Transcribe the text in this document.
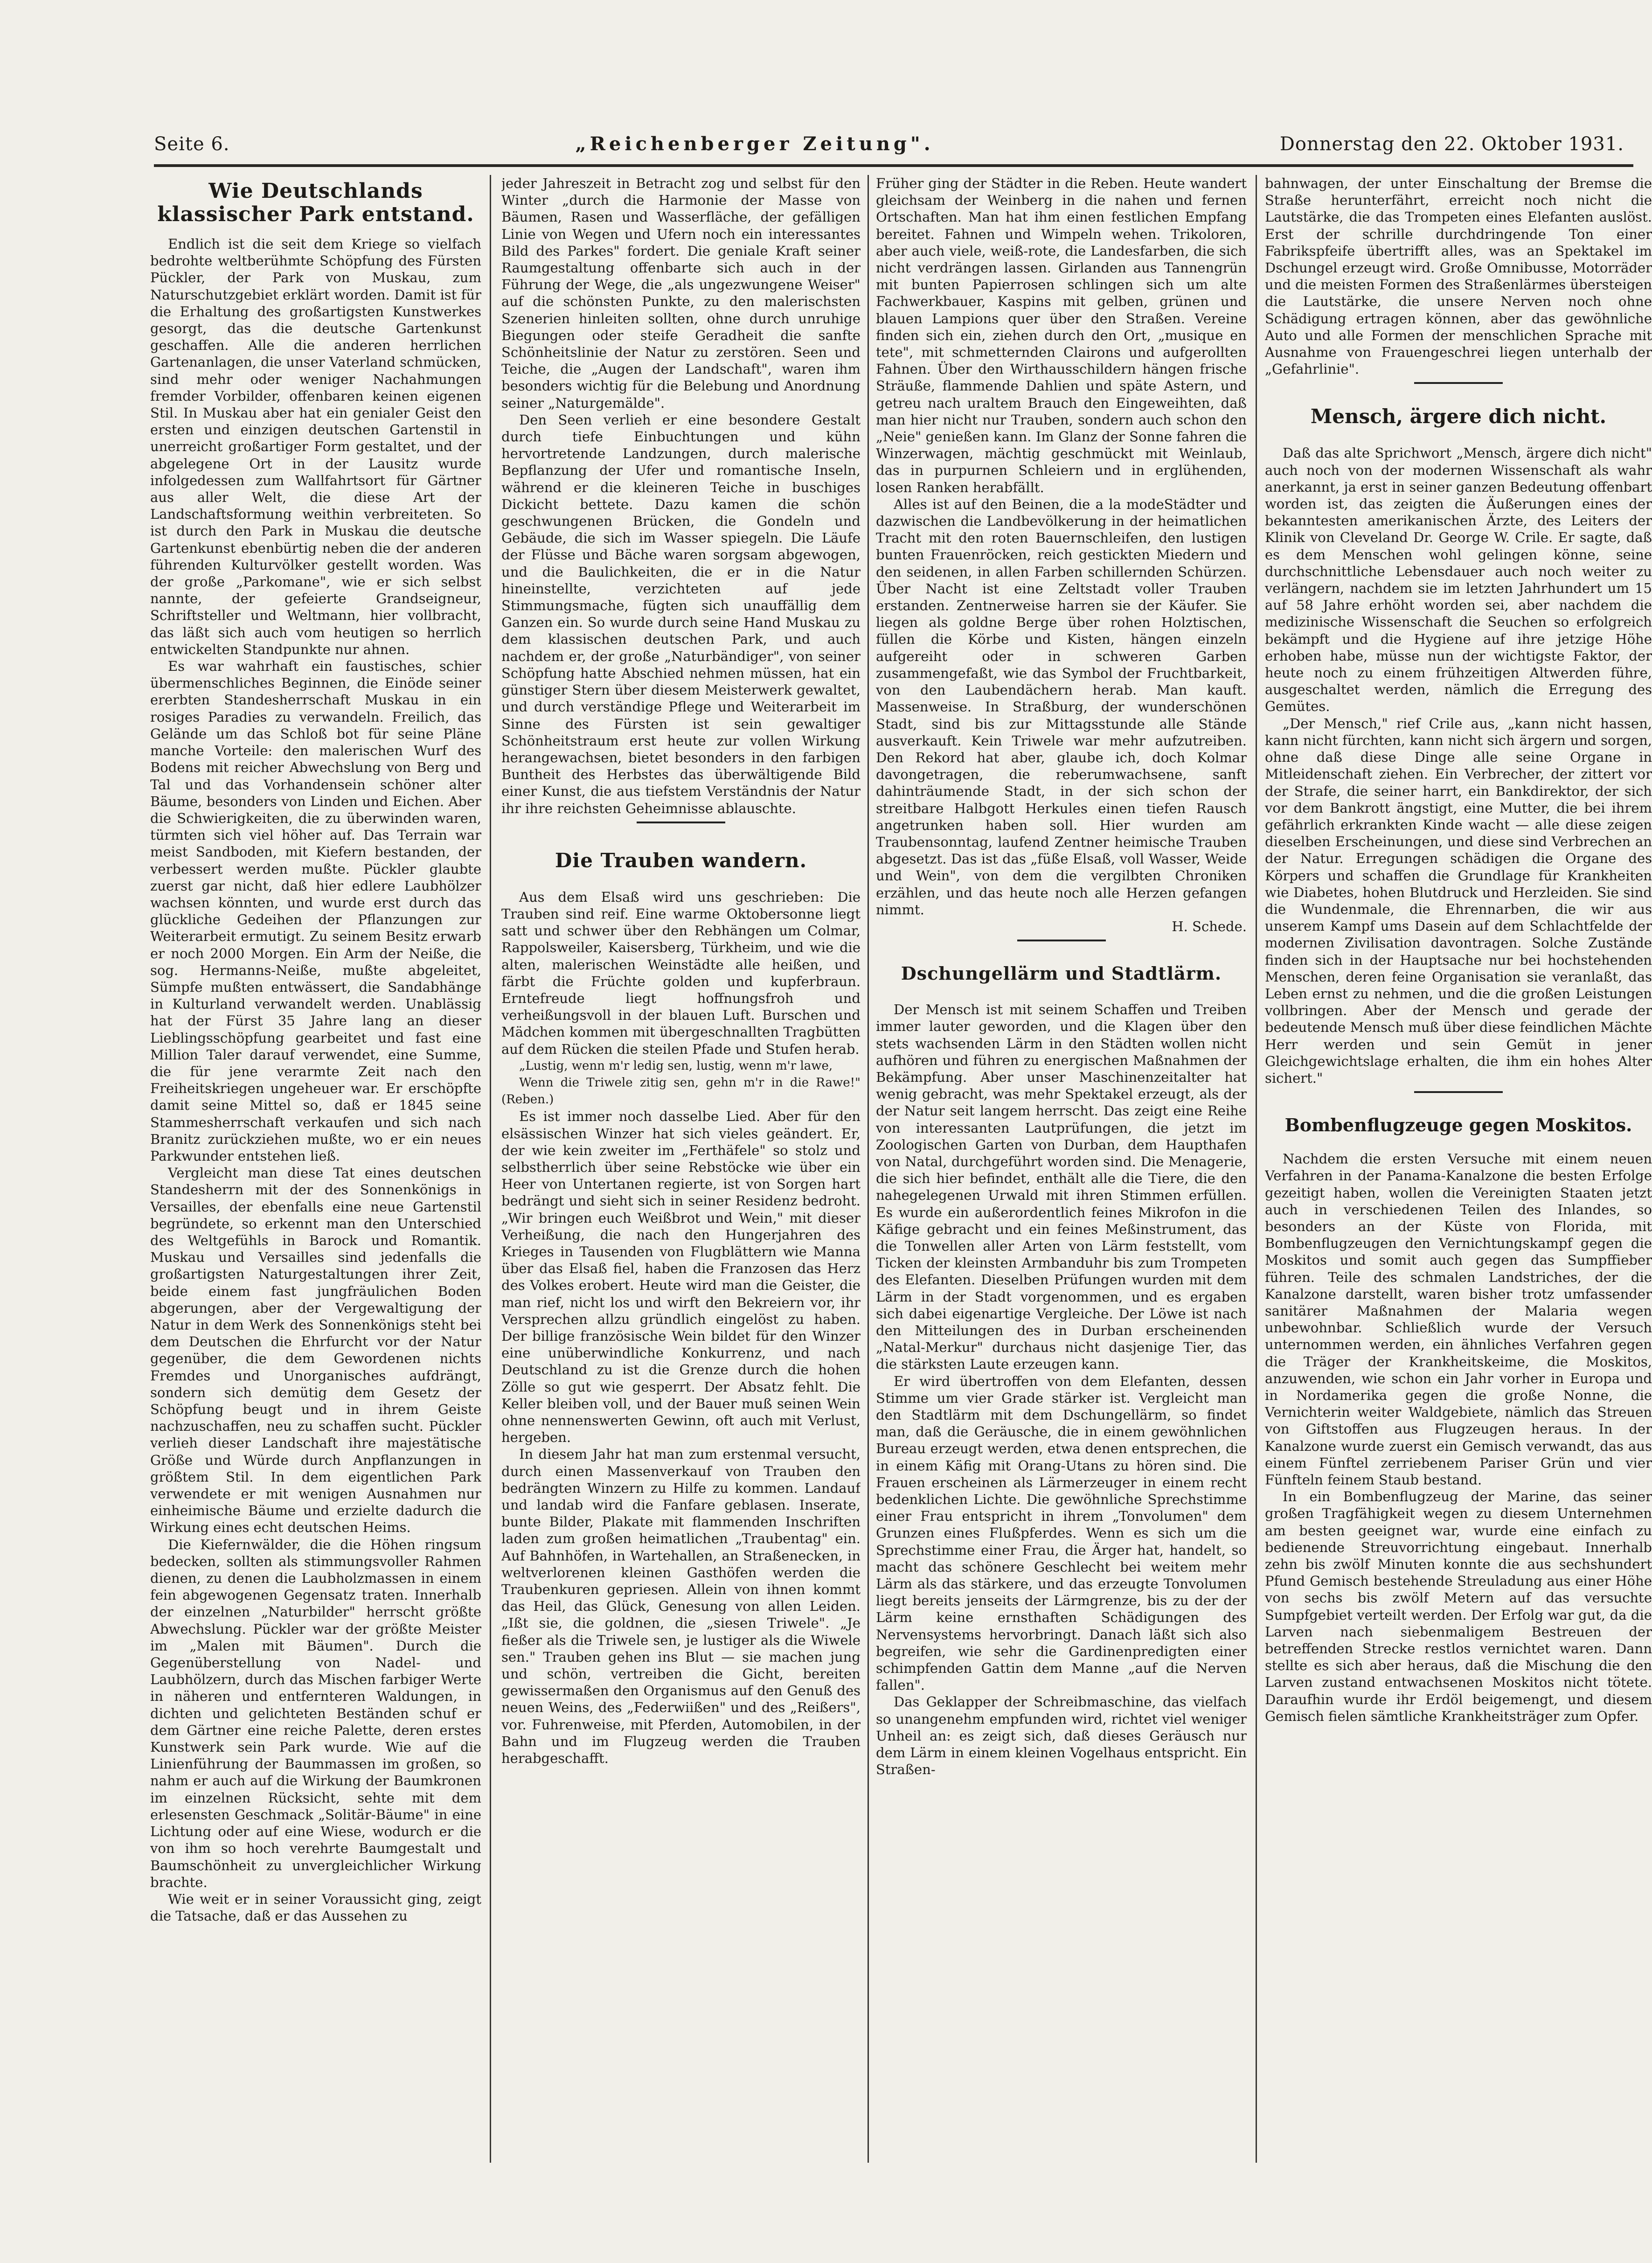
Seite 6.	„Reichenberger Zeitung".	Donnerstag den 22. Oktober 1931.
Wie Deutschlands klassischer Park entstand.

Endlich ist die seit dem Kriege so vielfach bedrohte weltberühmte Schöpfung des Fürsten Pückler, der Park von Muskau, zum Naturschutzgebiet erklärt worden. Damit ist für die Erhaltung des großartigsten Kunstwerkes gesorgt, das die deutsche Gartenkunst geschaffen. Alle die anderen herrlichen Gartenanlagen, die unser Vaterland schmücken, sind mehr oder weniger Nachahmungen fremder Vorbilder, offenbaren keinen eigenen Stil. In Muskau aber hat ein genialer Geist den ersten und einzigen deutschen Gartenstil in unerreicht großartiger Form gestaltet, und der abgelegene Ort in der Lausitz wurde infolgedessen zum Wallfahrtsort für Gärtner aus aller Welt, die diese Art der Landschaftsformung weithin verbreiteten. So ist durch den Park in Muskau die deutsche Gartenkunst ebenbürtig neben die der anderen führenden Kulturvölker gestellt worden. Was der große „Parkomane", wie er sich selbst nannte, der gefeierte Grandseigneur, Schriftsteller und Weltmann, hier vollbracht, das läßt sich auch vom heutigen so herrlich entwickelten Standpunkte nur ahnen.

Es war wahrhaft ein faustisches, schier übermenschliches Beginnen, die Einöde seiner ererbten Standesherrschaft Muskau in ein rosiges Paradies zu verwandeln. Freilich, das Gelände um das Schloß bot für seine Pläne manche Vorteile: den malerischen Wurf des Bodens mit reicher Abwechslung von Berg und Tal und das Vorhandensein schöner alter Bäume, besonders von Linden und Eichen. Aber die Schwierigkeiten, die zu überwinden waren, türmten sich viel höher auf. Das Terrain war meist Sandboden, mit Kiefern bestanden, der verbessert werden mußte. Pückler glaubte zuerst gar nicht, daß hier edlere Laubhölzer wachsen könnten, und wurde erst durch das glückliche Gedeihen der Pflanzungen zur Weiterarbeit ermutigt. Zu seinem Besitz erwarb er noch 2000 Morgen. Ein Arm der Neiße, die sog. Hermanns-Neiße, mußte abgeleitet, Sümpfe mußten entwässert, die Sandabhänge in Kulturland verwandelt werden. Unablässig hat der Fürst 35 Jahre lang an dieser Lieblingsschöpfung gearbeitet und fast eine Million Taler darauf verwendet, eine Summe, die für jene verarmte Zeit nach den Freiheitskriegen ungeheuer war. Er erschöpfte damit seine Mittel so, daß er 1845 seine Stammesherrschaft verkaufen und sich nach Branitz zurückziehen mußte, wo er ein neues Parkwunder entstehen ließ.

Vergleicht man diese Tat eines deutschen Standesherrn mit der des Sonnenkönigs in Versailles, der ebenfalls eine neue Gartenstil begründete, so erkennt man den Unterschied des Weltgefühls in Barock und Romantik. Muskau und Versailles sind jedenfalls die großartigsten Naturgestaltungen ihrer Zeit, beide einem fast jungfräulichen Boden abgerungen, aber der Vergewaltigung der Natur in dem Werk des Sonnenkönigs steht bei dem Deutschen die Ehrfurcht vor der Natur gegenüber, die dem Gewordenen nichts Fremdes und Unorganisches aufdrängt, sondern sich demütig dem Gesetz der Schöpfung beugt und in ihrem Geiste nachzuschaffen, neu zu schaffen sucht. Pückler verlieh dieser Landschaft ihre majestätische Größe und Würde durch Anpflanzungen in größtem Stil. In dem eigentlichen Park verwendete er mit wenigen Ausnahmen nur einheimische Bäume und erzielte dadurch die Wirkung eines echt deutschen Heims.

Die Kiefernwälder, die die Höhen ringsum bedecken, sollten als stimmungsvoller Rahmen dienen, zu denen die Laubholzmassen in einem fein abgewogenen Gegensatz traten. Innerhalb der einzelnen „Naturbilder" herrscht größte Abwechslung. Pückler war der größte Meister im „Malen mit Bäumen". Durch die Gegenüberstellung von Nadel- und Laubhölzern, durch das Mischen farbiger Werte in näheren und entfernteren Waldungen, in dichten und gelichteten Beständen schuf er dem Gärtner eine reiche Palette, deren erstes Kunstwerk sein Park wurde. Wie auf die Linienführung der Baummassen im großen, so nahm er auch auf die Wirkung der Baumkronen im einzelnen Rücksicht, sehte mit dem erlesensten Geschmack „Solitär-Bäume" in eine Lichtung oder auf eine Wiese, wodurch er die von ihm so hoch verehrte Baumgestalt und Baumschönheit zu unvergleichlicher Wirkung brachte.

Wie weit er in seiner Voraussicht ging, zeigt die Tatsache, daß er das Aussehen zu

jeder Jahreszeit in Betracht zog und selbst für den Winter „durch die Harmonie der Masse von Bäumen, Rasen und Wasserfläche, der gefälligen Linie von Wegen und Ufern noch ein interessantes Bild des Parkes" fordert. Die geniale Kraft seiner Raumgestaltung offenbarte sich auch in der Führung der Wege, die „als ungezwungene Weiser" auf die schönsten Punkte, zu den malerischsten Szenerien hinleiten sollten, ohne durch unruhige Biegungen oder steife Geradheit die sanfte Schönheitslinie der Natur zu zerstören. Seen und Teiche, die „Augen der Landschaft", waren ihm besonders wichtig für die Belebung und Anordnung seiner „Naturgemälde".

Den Seen verlieh er eine besondere Gestalt durch tiefe Einbuchtungen und kühn hervortretende Landzungen, durch malerische Bepflanzung der Ufer und romantische Inseln, während er die kleineren Teiche in buschiges Dickicht bettete. Dazu kamen die schön geschwungenen Brücken, die Gondeln und Gebäude, die sich im Wasser spiegeln. Die Läufe der Flüsse und Bäche waren sorgsam abgewogen, und die Baulichkeiten, die er in die Natur hineinstellte, verzichteten auf jede Stimmungsmache, fügten sich unauffällig dem Ganzen ein. So wurde durch seine Hand Muskau zu dem klassischen deutschen Park, und auch nachdem er, der große „Naturbändiger", von seiner Schöpfung hatte Abschied nehmen müssen, hat ein günstiger Stern über diesem Meisterwerk gewaltet, und durch verständige Pflege und Weiterarbeit im Sinne des Fürsten ist sein gewaltiger Schönheitstraum erst heute zur vollen Wirkung herangewachsen, bietet besonders in den farbigen Buntheit des Herbstes das überwältigende Bild einer Kunst, die aus tiefstem Verständnis der Natur ihr ihre reichsten Geheimnisse ablauschte.

Die Trauben wandern.

Aus dem Elsaß wird uns geschrieben: Die Trauben sind reif. Eine warme Oktobersonne liegt satt und schwer über den Rebhängen um Colmar, Rappolsweiler, Kaisersberg, Türkheim, und wie die alten, malerischen Weinstädte alle heißen, und färbt die Früchte golden und kupferbraun. Erntefreude liegt hoffnungsfroh und verheißungsvoll in der blauen Luft. Burschen und Mädchen kommen mit übergeschnallten Tragbütten auf dem Rücken die steilen Pfade und Stufen herab.

„Lustig, wenn m'r ledig sen, lustig, wenn m'r lawe,

Wenn die Triwele zitig sen, gehn m'r in die Rawe!" (Reben.)

Es ist immer noch dasselbe Lied. Aber für den elsässischen Winzer hat sich vieles geändert. Er, der wie kein zweiter im „Ferthäfele" so stolz und selbstherrlich über seine Rebstöcke wie über ein Heer von Untertanen regierte, ist von Sorgen hart bedrängt und sieht sich in seiner Residenz bedroht. „Wir bringen euch Weißbrot und Wein," mit dieser Verheißung, die nach den Hungerjahren des Krieges in Tausenden von Flugblättern wie Manna über das Elsaß fiel, haben die Franzosen das Herz des Volkes erobert. Heute wird man die Geister, die man rief, nicht los und wirft den Bekreiern vor, ihr Versprechen allzu gründlich eingelöst zu haben. Der billige französische Wein bildet für den Winzer eine unüberwindliche Konkurrenz, und nach Deutschland zu ist die Grenze durch die hohen Zölle so gut wie gesperrt. Der Absatz fehlt. Die Keller bleiben voll, und der Bauer muß seinen Wein ohne nennenswerten Gewinn, oft auch mit Verlust, hergeben.

In diesem Jahr hat man zum erstenmal versucht, durch einen Massenverkauf von Trauben den bedrängten Winzern zu Hilfe zu kommen. Landauf und landab wird die Fanfare geblasen. Inserate, bunte Bilder, Plakate mit flammenden Inschriften laden zum großen heimatlichen „Traubentag" ein. Auf Bahnhöfen, in Wartehallen, an Straßenecken, in weltverlorenen kleinen Gasthöfen werden die Traubenkuren gepriesen. Allein von ihnen kommt das Heil, das Glück, Genesung von allen Leiden. „Ißt sie, die goldnen, die „siesen Triwele". „Je fießer als die Triwele sen, je lustiger als die Wiwele sen." Trauben gehen ins Blut — sie machen jung und schön, vertreiben die Gicht, bereiten gewissermaßen den Organismus auf den Genuß des neuen Weins, des „Federwiißen" und des „Reißers", vor. Fuhrenweise, mit Pferden, Automobilen, in der Bahn und im Flugzeug werden die Trauben herabgeschafft.

Früher ging der Städter in die Reben. Heute wandert gleichsam der Weinberg in die nahen und fernen Ortschaften. Man hat ihm einen festlichen Empfang bereitet. Fahnen und Wimpeln wehen. Trikoloren, aber auch viele, weiß-rote, die Landesfarben, die sich nicht verdrängen lassen. Girlanden aus Tannengrün mit bunten Papierrosen schlingen sich um alte Fachwerkbauer, Kaspins mit gelben, grünen und blauen Lampions quer über den Straßen. Vereine finden sich ein, ziehen durch den Ort, „musique en tete", mit schmetternden Clairons und aufgerollten Fahnen. Über den Wirthausschildern hängen frische Sträuße, flammende Dahlien und späte Astern, und getreu nach uraltem Brauch den Eingeweihten, daß man hier nicht nur Trauben, sondern auch schon den „Neie" genießen kann. Im Glanz der Sonne fahren die Winzerwagen, mächtig geschmückt mit Weinlaub, das in purpurnen Schleiern und in erglühenden, losen Ranken herabfällt.

Alles ist auf den Beinen, die a la modeStädter und dazwischen die Landbevölkerung in der heimatlichen Tracht mit den roten Bauernschleifen, den lustigen bunten Frauenröcken, reich gestickten Miedern und den seidenen, in allen Farben schillernden Schürzen. Über Nacht ist eine Zeltstadt voller Trauben erstanden. Zentnerweise harren sie der Käufer. Sie liegen als goldne Berge über rohen Holztischen, füllen die Körbe und Kisten, hängen einzeln aufgereiht oder in schweren Garben zusammengefaßt, wie das Symbol der Fruchtbarkeit, von den Laubendächern herab. Man kauft. Massenweise. In Straßburg, der wunderschönen Stadt, sind bis zur Mittagsstunde alle Stände ausverkauft. Kein Triwele war mehr aufzutreiben. Den Rekord hat aber, glaube ich, doch Kolmar davongetragen, die reberumwachsene, sanft dahinträumende Stadt, in der sich schon der streitbare Halbgott Herkules einen tiefen Rausch angetrunken haben soll. Hier wurden am Traubensonntag, laufend Zentner heimische Trauben abgesetzt. Das ist das „füße Elsaß, voll Wasser, Weide und Wein", von dem die vergilbten Chroniken erzählen, und das heute noch alle Herzen gefangen nimmt.

H. Schede.

Dschungellärm und Stadtlärm.

Der Mensch ist mit seinem Schaffen und Treiben immer lauter geworden, und die Klagen über den stets wachsenden Lärm in den Städten wollen nicht aufhören und führen zu energischen Maßnahmen der Bekämpfung. Aber unser Maschinenzeitalter hat wenig gebracht, was mehr Spektakel erzeugt, als der der Natur seit langem herrscht. Das zeigt eine Reihe von interessanten Lautprüfungen, die jetzt im Zoologischen Garten von Durban, dem Haupthafen von Natal, durchgeführt worden sind. Die Menagerie, die sich hier befindet, enthält alle die Tiere, die den nahegelegenen Urwald mit ihren Stimmen erfüllen. Es wurde ein außerordentlich feines Mikrofon in die Käfige gebracht und ein feines Meßinstrument, das die Tonwellen aller Arten von Lärm feststellt, vom Ticken der kleinsten Armbanduhr bis zum Trompeten des Elefanten. Dieselben Prüfungen wurden mit dem Lärm in der Stadt vorgenommen, und es ergaben sich dabei eigenartige Vergleiche. Der Löwe ist nach den Mitteilungen des in Durban erscheinenden „Natal-Merkur" durchaus nicht dasjenige Tier, das die stärksten Laute erzeugen kann.

Er wird übertroffen von dem Elefanten, dessen Stimme um vier Grade stärker ist. Vergleicht man den Stadtlärm mit dem Dschungellärm, so findet man, daß die Geräusche, die in einem gewöhnlichen Bureau erzeugt werden, etwa denen entsprechen, die in einem Käfig mit Orang-Utans zu hören sind. Die Frauen erscheinen als Lärmerzeuger in einem recht bedenklichen Lichte. Die gewöhnliche Sprechstimme einer Frau entspricht in ihrem „Tonvolumen" dem Grunzen eines Flußpferdes. Wenn es sich um die Sprechstimme einer Frau, die Ärger hat, handelt, so macht das schönere Geschlecht bei weitem mehr Lärm als das stärkere, und das erzeugte Tonvolumen liegt bereits jenseits der Lärmgrenze, bis zu der der Lärm keine ernsthaften Schädigungen des Nervensystems hervorbringt. Danach läßt sich also begreifen, wie sehr die Gardinenpredigten einer schimpfenden Gattin dem Manne „auf die Nerven fallen".

Das Geklapper der Schreibmaschine, das vielfach so unangenehm empfunden wird, richtet viel weniger Unheil an: es zeigt sich, daß dieses Geräusch nur dem Lärm in einem kleinen Vogelhaus entspricht. Ein Straßen-

bahnwagen, der unter Einschaltung der Bremse die Straße herunterfährt, erreicht noch nicht die Lautstärke, die das Trompeten eines Elefanten auslöst. Erst der schrille durchdringende Ton einer Fabrikspfeife übertrifft alles, was an Spektakel im Dschungel erzeugt wird. Große Omnibusse, Motorräder und die meisten Formen des Straßenlärmes übersteigen die Lautstärke, die unsere Nerven noch ohne Schädigung ertragen können, aber das gewöhnliche Auto und alle Formen der menschlichen Sprache mit Ausnahme von Frauengeschrei liegen unterhalb der „Gefahrlinie".

Mensch, ärgere dich nicht.

Daß das alte Sprichwort „Mensch, ärgere dich nicht" auch noch von der modernen Wissenschaft als wahr anerkannt, ja erst in seiner ganzen Bedeutung offenbart worden ist, das zeigten die Äußerungen eines der bekanntesten amerikanischen Ärzte, des Leiters der Klinik von Cleveland Dr. George W. Crile. Er sagte, daß es dem Menschen wohl gelingen könne, seine durchschnittliche Lebensdauer auch noch weiter zu verlängern, nachdem sie im letzten Jahrhundert um 15 auf 58 Jahre erhöht worden sei, aber nachdem die medizinische Wissenschaft die Seuchen so erfolgreich bekämpft und die Hygiene auf ihre jetzige Höhe erhoben habe, müsse nun der wichtigste Faktor, der heute noch zu einem frühzeitigen Altwerden führe, ausgeschaltet werden, nämlich die Erregung des Gemütes.

„Der Mensch," rief Crile aus, „kann nicht hassen, kann nicht fürchten, kann nicht sich ärgern und sorgen, ohne daß diese Dinge alle seine Organe in Mitleidenschaft ziehen. Ein Verbrecher, der zittert vor der Strafe, die seiner harrt, ein Bankdirektor, der sich vor dem Bankrott ängstigt, eine Mutter, die bei ihrem gefährlich erkrankten Kinde wacht — alle diese zeigen dieselben Erscheinungen, und diese sind Verbrechen an der Natur. Erregungen schädigen die Organe des Körpers und schaffen die Grundlage für Krankheiten wie Diabetes, hohen Blutdruck und Herzleiden. Sie sind die Wundenmale, die Ehrennarben, die wir aus unserem Kampf ums Dasein auf dem Schlachtfelde der modernen Zivilisation davontragen. Solche Zustände finden sich in der Hauptsache nur bei hochstehenden Menschen, deren feine Organisation sie veranlaßt, das Leben ernst zu nehmen, und die die großen Leistungen vollbringen. Aber der Mensch und gerade der bedeutende Mensch muß über diese feindlichen Mächte Herr werden und sein Gemüt in jener Gleichgewichtslage erhalten, die ihm ein hohes Alter sichert."

Bombenflugzeuge gegen Moskitos.

Nachdem die ersten Versuche mit einem neuen Verfahren in der Panama-Kanalzone die besten Erfolge gezeitigt haben, wollen die Vereinigten Staaten jetzt auch in verschiedenen Teilen des Inlandes, so besonders an der Küste von Florida, mit Bombenflugzeugen den Vernichtungskampf gegen die Moskitos und somit auch gegen das Sumpffieber führen. Teile des schmalen Landstriches, der die Kanalzone darstellt, waren bisher trotz umfassender sanitärer Maßnahmen der Malaria wegen unbewohnbar. Schließlich wurde der Versuch unternommen werden, ein ähnliches Verfahren gegen die Träger der Krankheitskeime, die Moskitos, anzuwenden, wie schon ein Jahr vorher in Europa und in Nordamerika gegen die große Nonne, die Vernichterin weiter Waldgebiete, nämlich das Streuen von Giftstoffen aus Flugzeugen heraus. In der Kanalzone wurde zuerst ein Gemisch verwandt, das aus einem Fünftel zerriebenem Pariser Grün und vier Fünfteln feinem Staub bestand.

In ein Bombenflugzeug der Marine, das seiner großen Tragfähigkeit wegen zu diesem Unternehmen am besten geeignet war, wurde eine einfach zu bedienende Streuvorrichtung eingebaut. Innerhalb zehn bis zwölf Minuten konnte die aus sechshundert Pfund Gemisch bestehende Streuladung aus einer Höhe von sechs bis zwölf Metern auf das versuchte Sumpfgebiet verteilt werden. Der Erfolg war gut, da die Larven nach siebenmaligem Bestreuen der betreffenden Strecke restlos vernichtet waren. Dann stellte es sich aber heraus, daß die Mischung die den Larven zustand entwachsenen Moskitos nicht tötete. Daraufhin wurde ihr Erdöl beigemengt, und diesem Gemisch fielen sämtliche Krankheitsträger zum Opfer.
